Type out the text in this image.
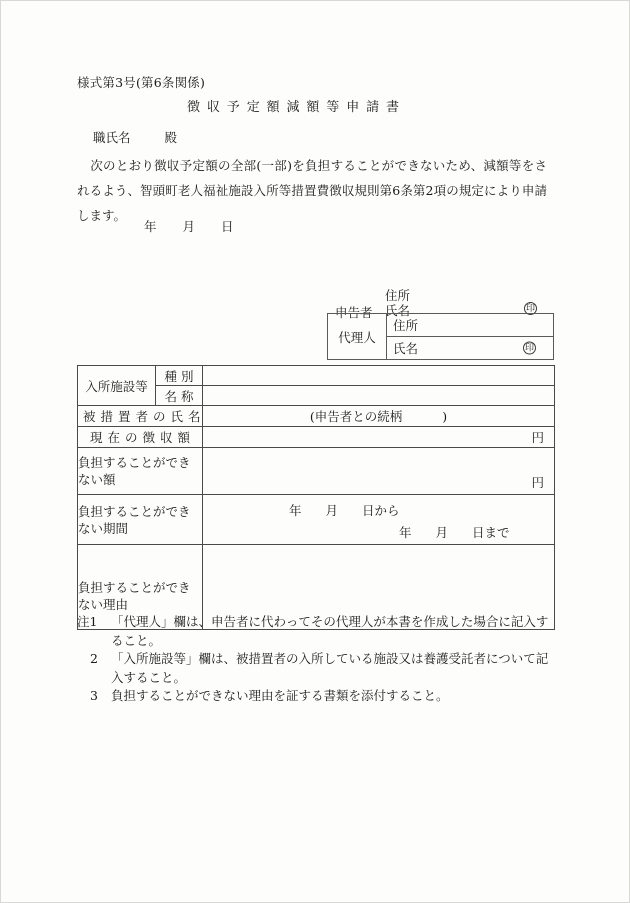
様式第3号(第6条関係)
徴 収 予 定 額 減 額 等 申 請 書
職氏名	殿
次のとおり徴収予定額の全部(一部)を負担することができないため、減額等をされるよう、智頭町老人福祉施設入所等措置費徴収規則第6条第2項の規定により申請します。
年 月 日
住所
申告者 氏名	印
代理人	住所
氏名	印
入所施設等	種別	
	名称	
被措置者の氏名		(申告者との続柄 )

現在の徴収額		円

負担することができ
ない額		円

負担することができ
ない期間

年 月 日から
年 月 日まで

負担することができ
ない理由		

注1	「代理人」欄は、申告者に代わってその代理人が本書を作成した場合に記入すること。
2	「入所施設等」欄は、被措置者の入所している施設又は養護受託者について記入すること。
3	負担することができない理由を証する書類を添付すること。
